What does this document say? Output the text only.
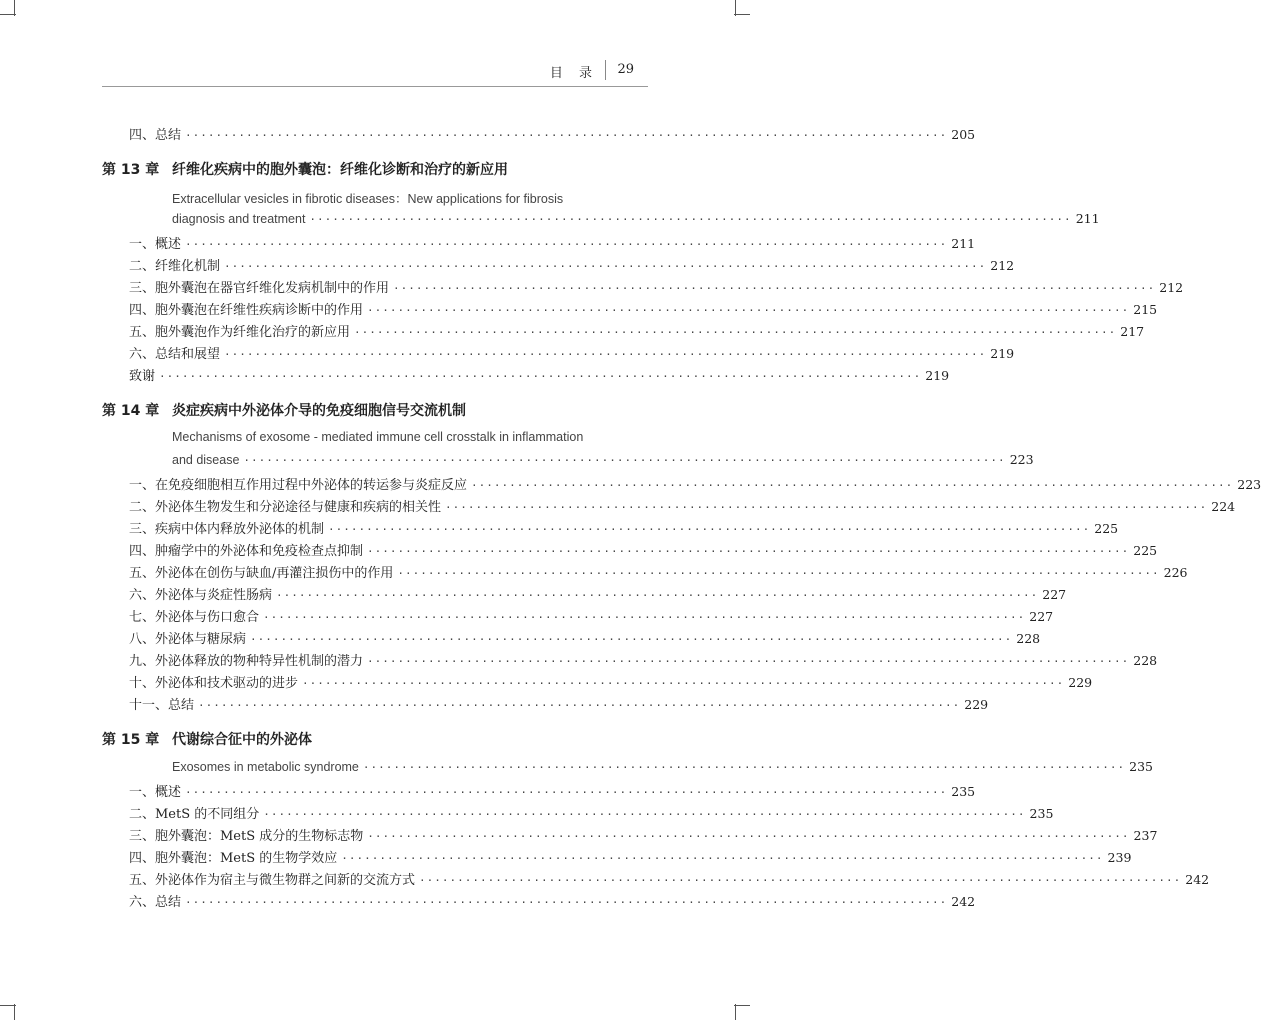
目 录 29
四、总结 ···································································································· 205
第 13 章 纤维化疾病中的胞外囊泡：纤维化诊断和治疗的新应用
Extracellular vesicles in fibrotic diseases：New applications for fibrosis
diagnosis and treatment ···································································································· 211
一、概述 ···································································································· 211
二、纤维化机制 ···································································································· 212
三、胞外囊泡在器官纤维化发病机制中的作用 ···································································································· 212
四、胞外囊泡在纤维性疾病诊断中的作用 ···································································································· 215
五、胞外囊泡作为纤维化治疗的新应用 ···································································································· 217
六、总结和展望 ···································································································· 219
致谢 ···································································································· 219
第 14 章 炎症疾病中外泌体介导的免疫细胞信号交流机制
Mechanisms of exosome - mediated immune cell crosstalk in inflammation
and disease ···································································································· 223
一、在免疫细胞相互作用过程中外泌体的转运参与炎症反应 ···································································································· 223
二、外泌体生物发生和分泌途径与健康和疾病的相关性 ···································································································· 224
三、疾病中体内释放外泌体的机制 ···································································································· 225
四、肿瘤学中的外泌体和免疫检查点抑制 ···································································································· 225
五、外泌体在创伤与缺血/再灌注损伤中的作用 ···································································································· 226
六、外泌体与炎症性肠病 ···································································································· 227
七、外泌体与伤口愈合 ···································································································· 227
八、外泌体与糖尿病 ···································································································· 228
九、外泌体释放的物种特异性机制的潜力 ···································································································· 228
十、外泌体和技术驱动的进步 ···································································································· 229
十一、总结 ···································································································· 229
第 15 章 代谢综合征中的外泌体
Exosomes in metabolic syndrome ···································································································· 235
一、概述 ···································································································· 235
二、MetS 的不同组分 ···································································································· 235
三、胞外囊泡：MetS 成分的生物标志物 ···································································································· 237
四、胞外囊泡：MetS 的生物学效应 ···································································································· 239
五、外泌体作为宿主与微生物群之间新的交流方式 ···································································································· 242
六、总结 ···································································································· 242
